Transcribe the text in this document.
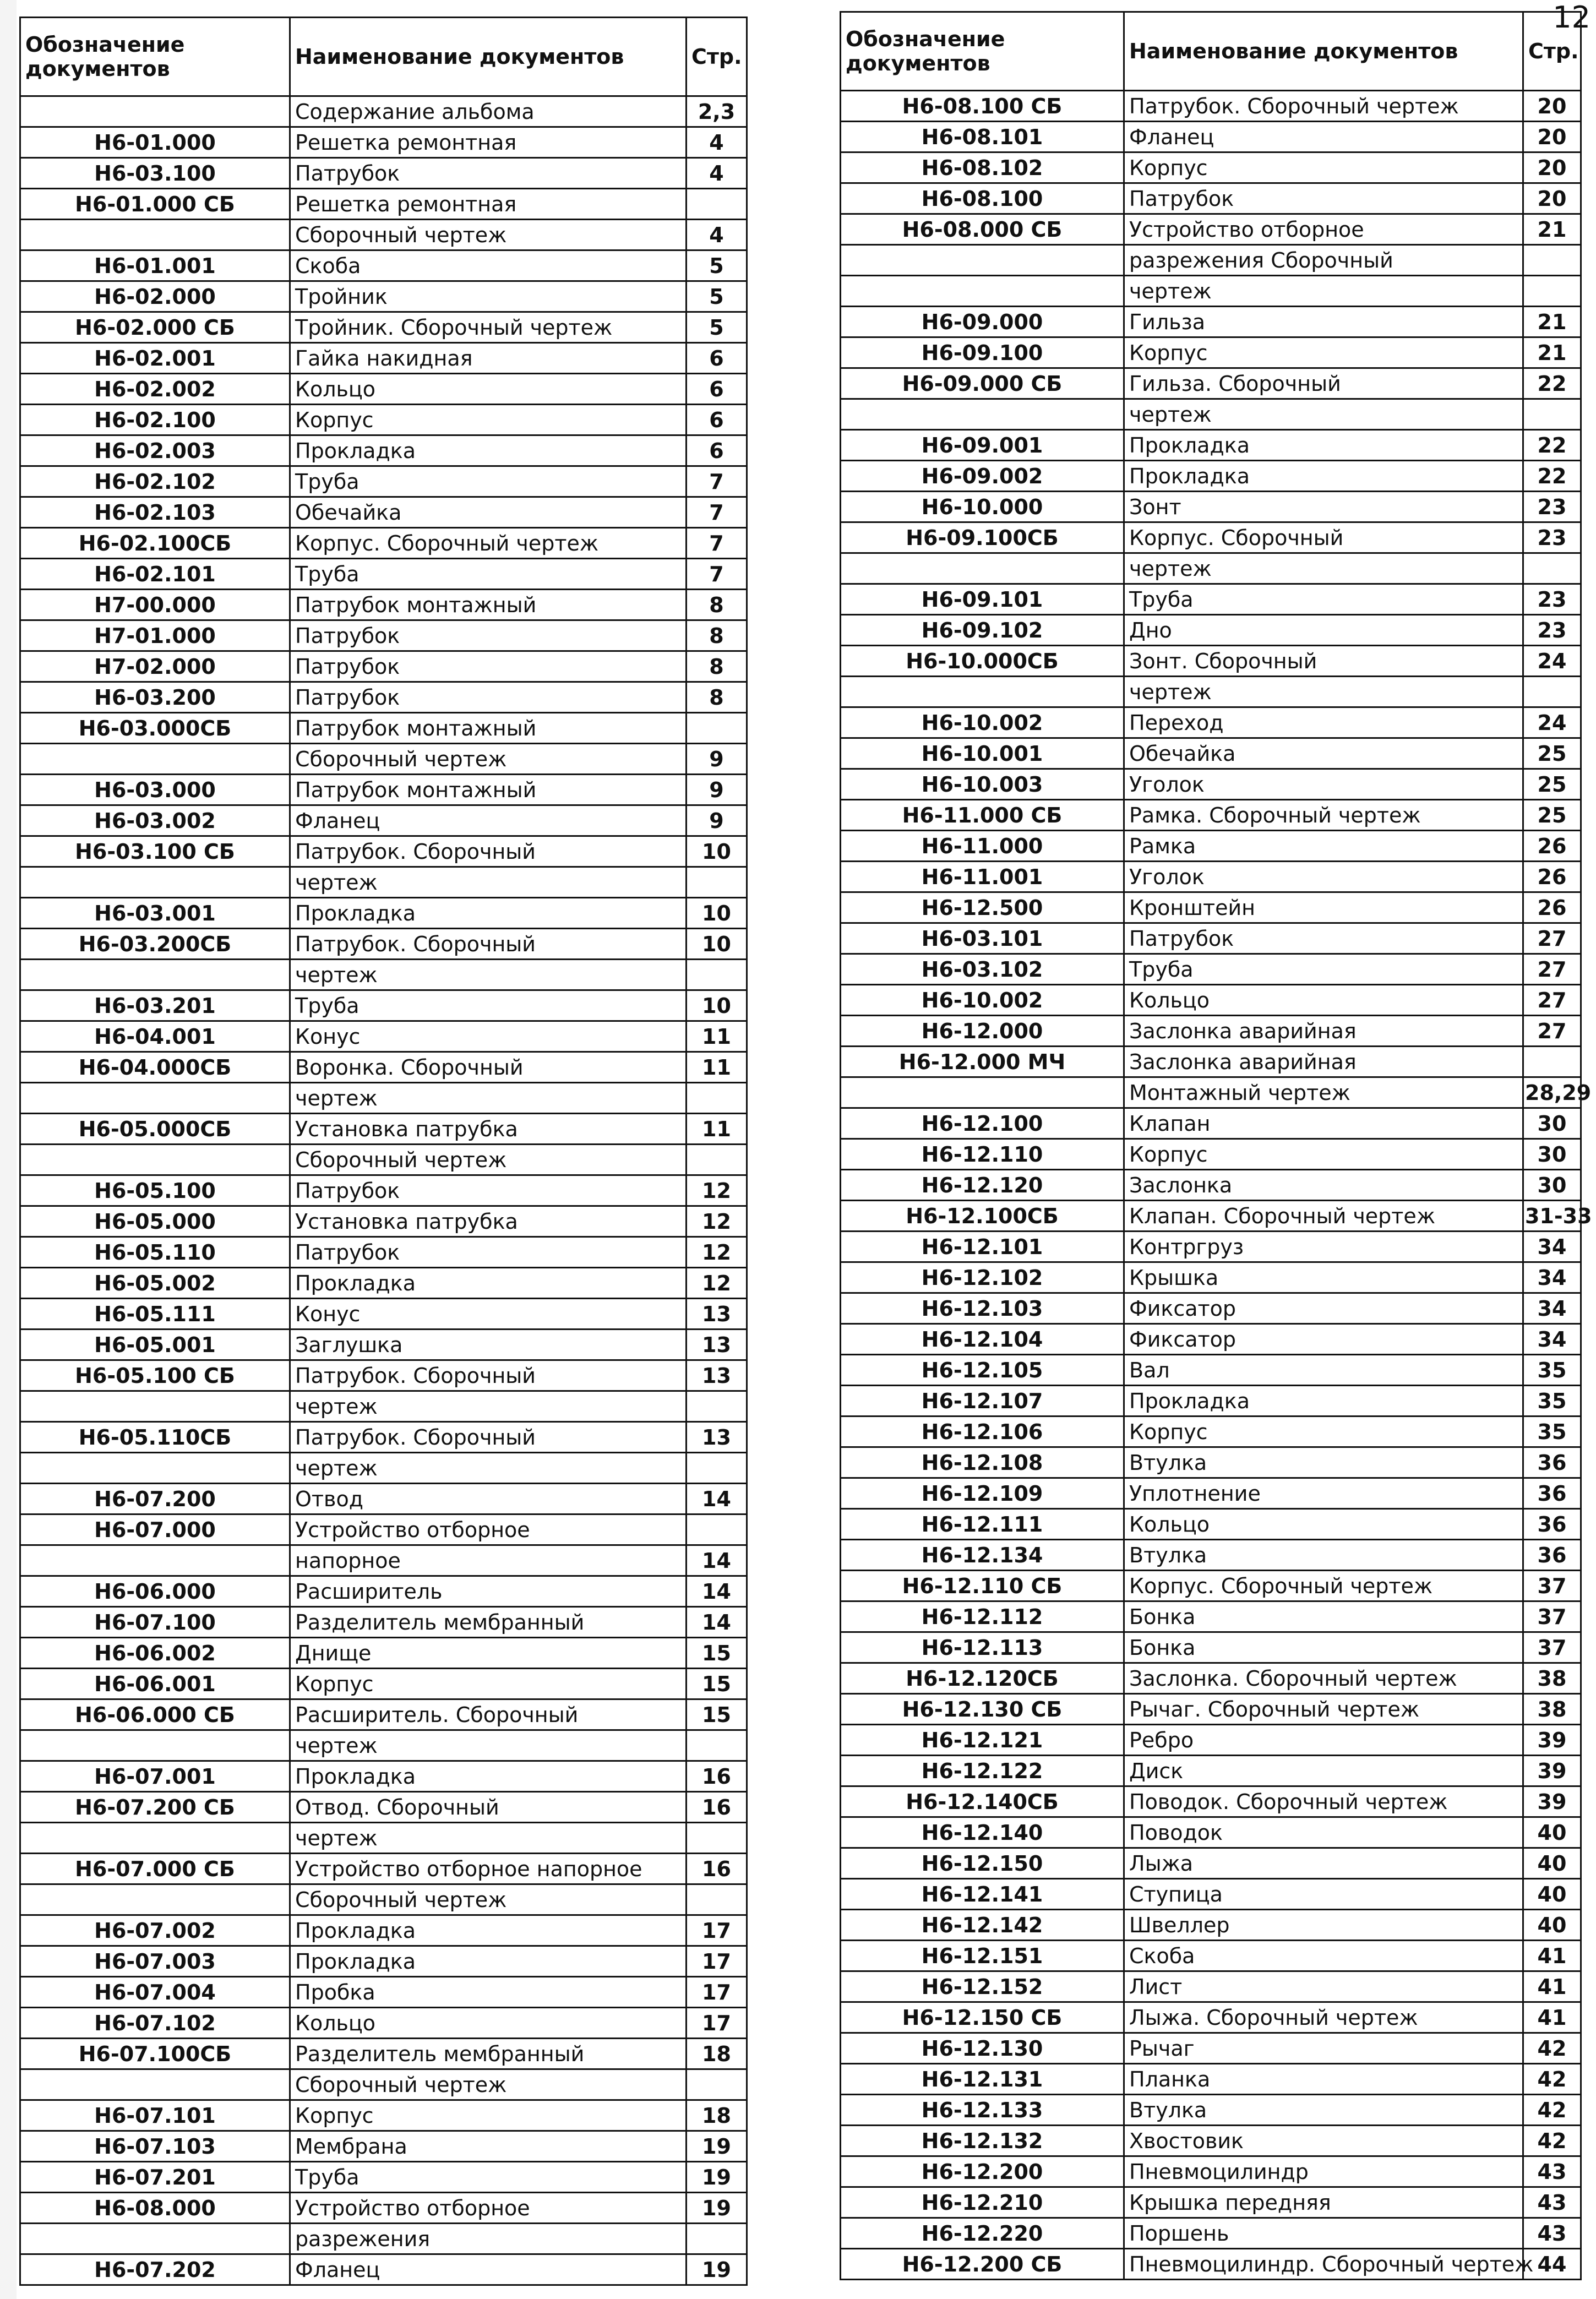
12
Обозначение документов	Наименование документов	Стр.
	Содержание альбома	2,3
Н6-01.000	Решетка ремонтная	4
Н6-03.100	Патрубок	4
Н6-01.000 СБ	Решетка ремонтная	
	Сборочный чертеж	4
Н6-01.001	Скоба	5
Н6-02.000	Тройник	5
Н6-02.000 СБ	Тройник. Сборочный чертеж	5
Н6-02.001	Гайка накидная	6
Н6-02.002	Кольцо	6
Н6-02.100	Корпус	6
Н6-02.003	Прокладка	6
Н6-02.102	Труба	7
Н6-02.103	Обечайка	7
Н6-02.100СБ	Корпус. Сборочный чертеж	7
Н6-02.101	Труба	7
Н7-00.000	Патрубок монтажный	8
Н7-01.000	Патрубок	8
Н7-02.000	Патрубок	8
Н6-03.200	Патрубок	8
Н6-03.000СБ	Патрубок монтажный	
	Сборочный чертеж	9
Н6-03.000	Патрубок монтажный	9
Н6-03.002	Фланец	9
Н6-03.100 СБ	Патрубок. Сборочный	10
	чертеж	
Н6-03.001	Прокладка	10
Н6-03.200СБ	Патрубок. Сборочный	10
	чертеж	
Н6-03.201	Труба	10
Н6-04.001	Конус	11
Н6-04.000СБ	Воронка. Сборочный	11
	чертеж	
Н6-05.000СБ	Установка патрубка	11
	Сборочный чертеж	
Н6-05.100	Патрубок	12
Н6-05.000	Установка патрубка	12
Н6-05.110	Патрубок	12
Н6-05.002	Прокладка	12
Н6-05.111	Конус	13
Н6-05.001	Заглушка	13
Н6-05.100 СБ	Патрубок. Сборочный	13
	чертеж	
Н6-05.110СБ	Патрубок. Сборочный	13
	чертеж	
Н6-07.200	Отвод	14
Н6-07.000	Устройство отборное	
	напорное	14
Н6-06.000	Расширитель	14
Н6-07.100	Разделитель мембранный	14
Н6-06.002	Днище	15
Н6-06.001	Корпус	15
Н6-06.000 СБ	Расширитель. Сборочный	15
	чертеж	
Н6-07.001	Прокладка	16
Н6-07.200 СБ	Отвод. Сборочный	16
	чертеж	
Н6-07.000 СБ	Устройство отборное напорное	16
	Сборочный чертеж	
Н6-07.002	Прокладка	17
Н6-07.003	Прокладка	17
Н6-07.004	Пробка	17
Н6-07.102	Кольцо	17
Н6-07.100СБ	Разделитель мембранный	18
	Сборочный чертеж	
Н6-07.101	Корпус	18
Н6-07.103	Мембрана	19
Н6-07.201	Труба	19
Н6-08.000	Устройство отборное	19
	разрежения	
Н6-07.202	Фланец	19
Обозначение документов	Наименование документов	Стр.
Н6-08.100 СБ	Патрубок. Сборочный чертеж	20
Н6-08.101	Фланец	20
Н6-08.102	Корпус	20
Н6-08.100	Патрубок	20
Н6-08.000 СБ	Устройство отборное	21
	разрежения Сборочный	
	чертеж	
Н6-09.000	Гильза	21
Н6-09.100	Корпус	21
Н6-09.000 СБ	Гильза. Сборочный	22
	чертеж	
Н6-09.001	Прокладка	22
Н6-09.002	Прокладка	22
Н6-10.000	Зонт	23
Н6-09.100СБ	Корпус. Сборочный	23
	чертеж	
Н6-09.101	Труба	23
Н6-09.102	Дно	23
Н6-10.000СБ	Зонт. Сборочный	24
	чертеж	
Н6-10.002	Переход	24
Н6-10.001	Обечайка	25
Н6-10.003	Уголок	25
Н6-11.000 СБ	Рамка. Сборочный чертеж	25
Н6-11.000	Рамка	26
Н6-11.001	Уголок	26
Н6-12.500	Кронштейн	26
Н6-03.101	Патрубок	27
Н6-03.102	Труба	27
Н6-10.002	Кольцо	27
Н6-12.000	Заслонка аварийная	27
Н6-12.000 МЧ	Заслонка аварийная	
	Монтажный чертеж	28,29
Н6-12.100	Клапан	30
Н6-12.110	Корпус	30
Н6-12.120	Заслонка	30
Н6-12.100СБ	Клапан. Сборочный чертеж	31-33
Н6-12.101	Контргруз	34
Н6-12.102	Крышка	34
Н6-12.103	Фиксатор	34
Н6-12.104	Фиксатор	34
Н6-12.105	Вал	35
Н6-12.107	Прокладка	35
Н6-12.106	Корпус	35
Н6-12.108	Втулка	36
Н6-12.109	Уплотнение	36
Н6-12.111	Кольцо	36
Н6-12.134	Втулка	36
Н6-12.110 СБ	Корпус. Сборочный чертеж	37
Н6-12.112	Бонка	37
Н6-12.113	Бонка	37
Н6-12.120СБ	Заслонка. Сборочный чертеж	38
Н6-12.130 СБ	Рычаг. Сборочный чертеж	38
Н6-12.121	Ребро	39
Н6-12.122	Диск	39
Н6-12.140СБ	Поводок. Сборочный чертеж	39
Н6-12.140	Поводок	40
Н6-12.150	Лыжа	40
Н6-12.141	Ступица	40
Н6-12.142	Швеллер	40
Н6-12.151	Скоба	41
Н6-12.152	Лист	41
Н6-12.150 СБ	Лыжа. Сборочный чертеж	41
Н6-12.130	Рычаг	42
Н6-12.131	Планка	42
Н6-12.133	Втулка	42
Н6-12.132	Хвостовик	42
Н6-12.200	Пневмоцилиндр	43
Н6-12.210	Крышка передняя	43
Н6-12.220	Поршень	43
Н6-12.200 СБ	Пневмоцилиндр. Сборочный чертеж	44
